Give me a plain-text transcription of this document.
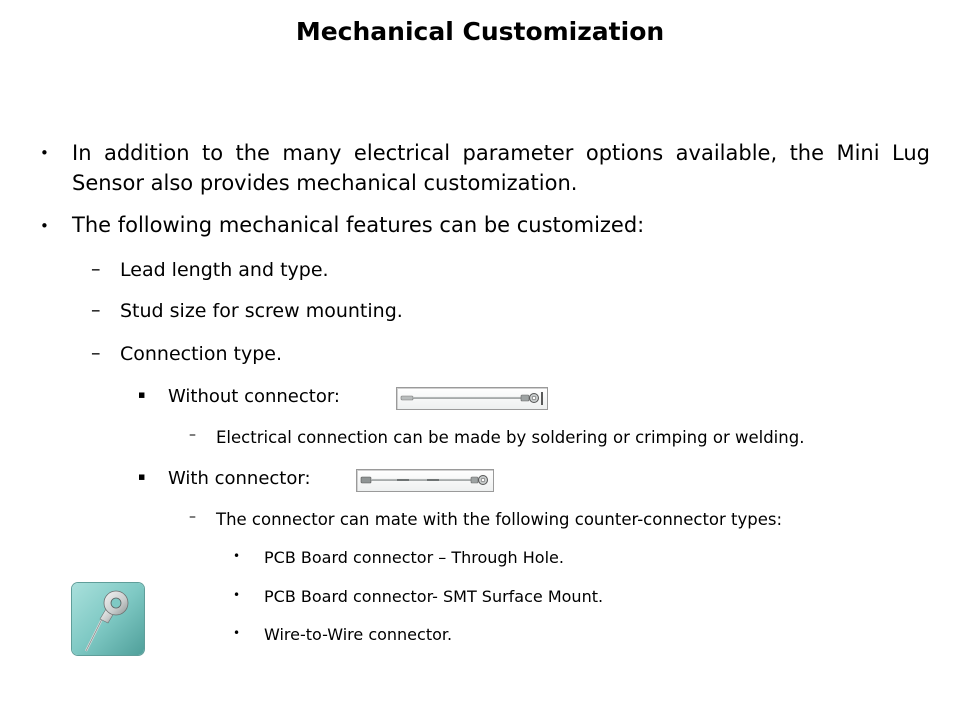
Mechanical Customization
• In addition to the many electrical parameter options available, the Mini Lug Sensor also provides mechanical customization.
• The following mechanical features can be customized:
– Lead length and type.
– Stud size for screw mounting.
– Connection type.
▪ Without connector:
– Electrical connection can be made by soldering or crimping or welding.
▪ With connector:
– The connector can mate with the following counter-connector types:
• PCB Board connector – Through Hole.
• PCB Board connector- SMT Surface Mount.
• Wire-to-Wire connector.
